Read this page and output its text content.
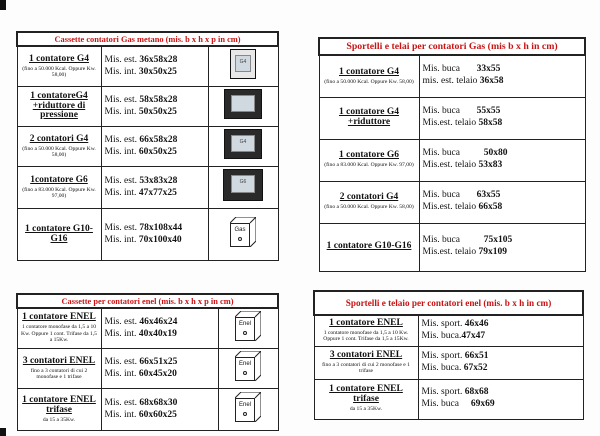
Cassette contatori Gas metano (mis. b x h x p in cm)		

1 contatore G4
(fino a 50.000 Kcal. Oppure Kw. 58,00)	Mis. est. 36x58x28
Mis. int. 30x50x25	G4

1 contatoreG4 +riduttore di pressione	Mis. est. 58x58x28
Mis. int. 50x50x25	

2 contatori G4
(fino a 50.000 Kcal. Oppure Kw. 58,00)	Mis. est. 66x58x28
Mis. int. 60x50x25	G4

1contatore G6
(fino a 83.000 Kcal. Oppure Kw. 97,00)	Mis. est. 53x83x28
Mis. int. 47x77x25	G6

1 contatore G10- G16	Mis. est. 78x108x44
Mis. int. 70x100x40	Gas
Sportelli e telai per contatori Gas (mis b x h in cm)	

1 contatore G4
(fino a 50.000 Kcal. Oppure Kw. 58,00)	Mis. buca 33x55
mis. est. telaio 36x58

1 contatore G4 +riduttore	Mis. buca 55x55
Mis.est. telaio 58x58

1 contatore G6
(fino a 83.000 Kcal. Oppure Kw. 97,00)	Mis. buca 50x80
Mis.est. telaio 53x83

2 contatori G4
(fino a 50.000 Kcal. Oppure Kw. 58,00)	Mis. buca 63x55
Mis.est. telaio 66x58

1 contatore G10-G16	Mis. buca 75x105
Mis.est. telaio 79x109
Cassette per contatori enel (mis. b x h x p in cm)		

1 contatore ENEL
1 contatore monofase da 1,5 a 10 Kw. Oppure 1 cont. Trifase da 1,5 a 15Kw.	Mis. est. 46x46x24
Mis. int. 40x40x19	Enel

3 contatori ENEL
fino a 3 contatori di cui 2 monofase e 1 trifase	Mis. est. 66x51x25
Mis. int. 60x45x20	Enel

1 contatore ENEL trifase
da 15 a 35Kw.	Mis. est. 68x68x30
Mis. int. 60x60x25	Enel
Sportelli e telaio per contatori enel (mis. b x h in cm)	

1 contatore ENEL
1 contatore monofase da 1,5 a 10 Kw. Oppure 1 cont. Trifase da 1,5 a 15Kw.	Mis. sport. 46x46
Mis. buca.47x47

3 contatori ENEL
fino a 3 contatori di cui 2 monofase e 1 trifase	Mis. sport. 66x51
Mis. buca. 67x52

1 contatore ENEL trifase
da 15 a 35Kw.	Mis. sport. 68x68
Mis. buca 69x69
